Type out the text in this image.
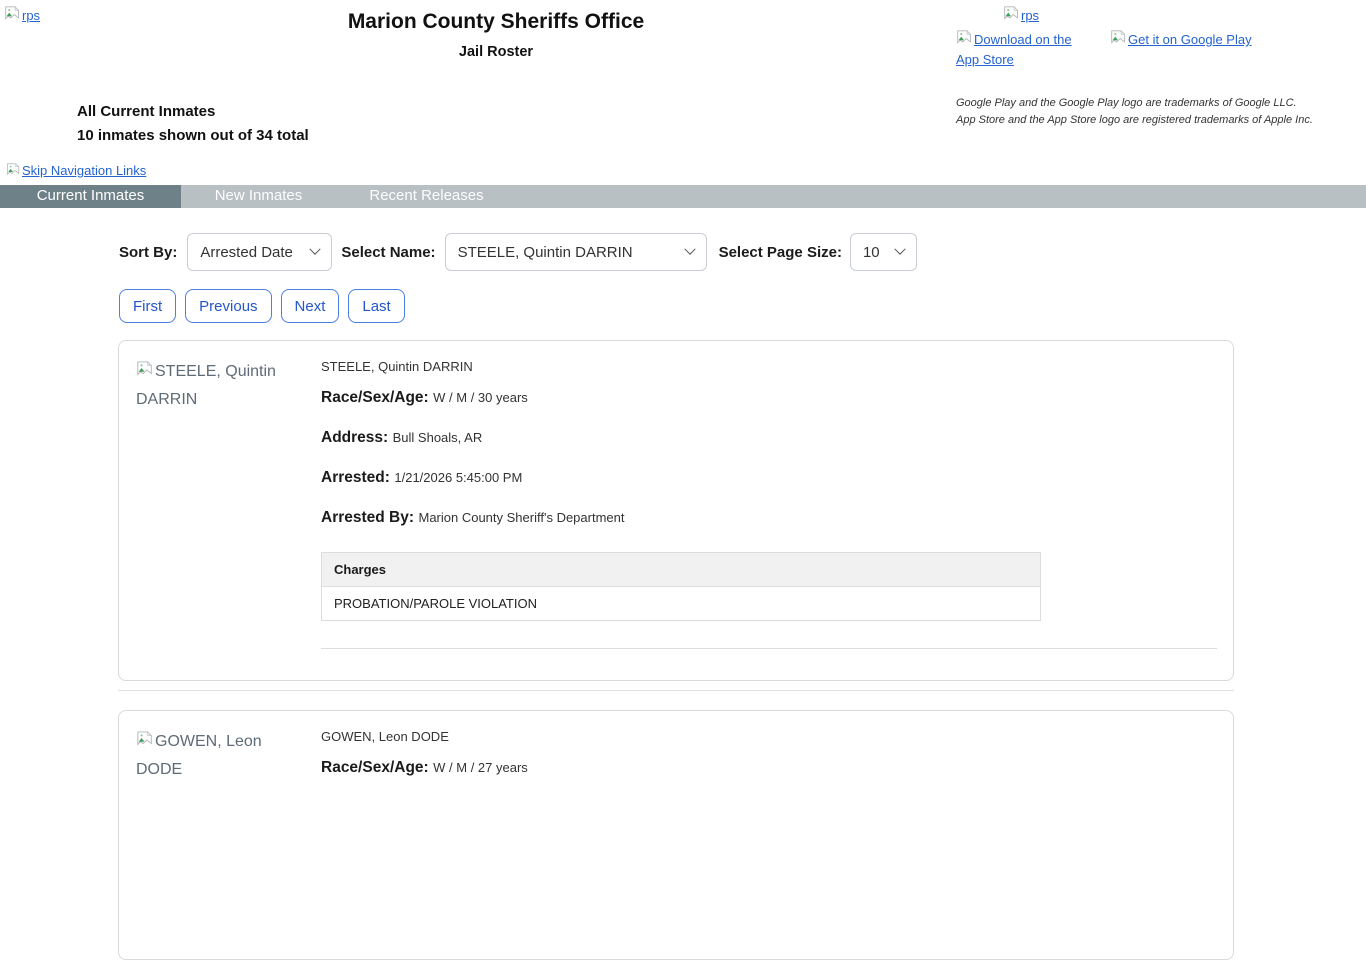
rps	Marion County Sheriffs Office
Jail Roster
rps
Download on the App Store
Get it on Google Play
Google Play and the Google Play logo are trademarks of Google LLC.
App Store and the App Store logo are registered trademarks of Apple Inc.
All Current Inmates
10 inmates shown out of 34 total
Skip Navigation Links
Current Inmates	New Inmates	Recent Releases
Sort By: Arrested Date	Select Name: STEELE, Quintin DARRIN	Select Page Size: 10
First	Previous	Next	Last
STEELE, Quintin DARRIN
STEELE, Quintin DARRIN
Race/Sex/Age: W / M / 30 years
Address: Bull Shoals, AR
Arrested: 1/21/2026 5:45:00 PM
Arrested By: Marion County Sheriff's Department
Charges
PROBATION/PAROLE VIOLATION
GOWEN, Leon DODE
GOWEN, Leon DODE
Race/Sex/Age: W / M / 27 years
